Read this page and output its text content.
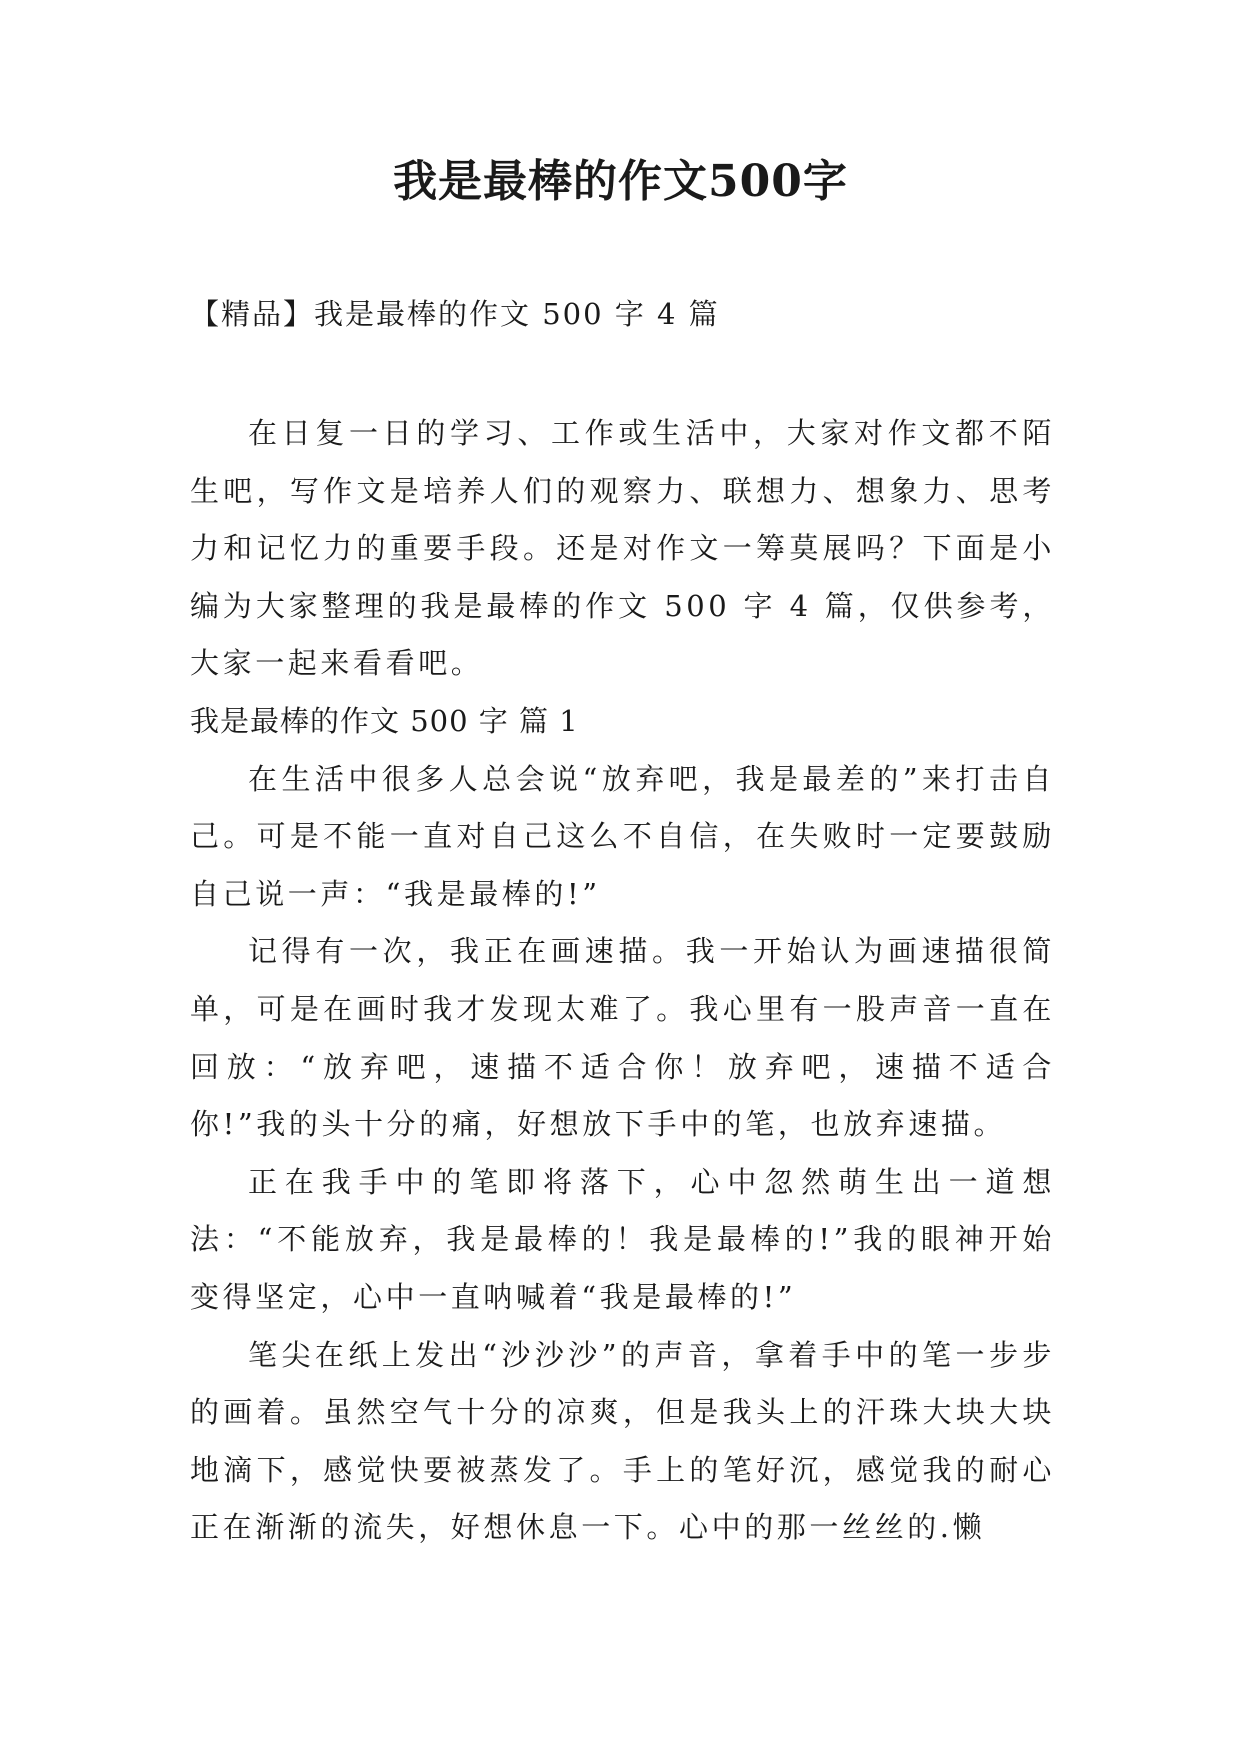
我是最棒的作文500字
【精品】我是最棒的作文 500 字 4 篇

在日复一日的学习、工作或生活中，大家对作文都不陌生吧，写作文是培养人们的观察力、联想力、想象力、思考力和记忆力的重要手段。还是对作文一筹莫展吗？下面是小编为大家整理的我是最棒的作文 500 字 4 篇，仅供参考，大家一起来看看吧。

我是最棒的作文 500 字 篇 1

在生活中很多人总会说“放弃吧，我是最差的”来打击自己。可是不能一直对自己这么不自信，在失败时一定要鼓励自己说一声：“我是最棒的!”

记得有一次，我正在画速描。我一开始认为画速描很简单，可是在画时我才发现太难了。我心里有一股声音一直在回放：“放弃吧，速描不适合你！放弃吧，速描不适合你!”我的头十分的痛，好想放下手中的笔，也放弃速描。

正在我手中的笔即将落下，心中忽然萌生出一道想法：“不能放弃，我是最棒的！我是最棒的!”我的眼神开始变得坚定，心中一直呐喊着“我是最棒的!”

笔尖在纸上发出“沙沙沙”的声音，拿着手中的笔一步步的画着。虽然空气十分的凉爽，但是我头上的汗珠大块大块地滴下，感觉快要被蒸发了。手上的笔好沉，感觉我的耐心正在渐渐的流失，好想休息一下。心中的那一丝丝的.懒
